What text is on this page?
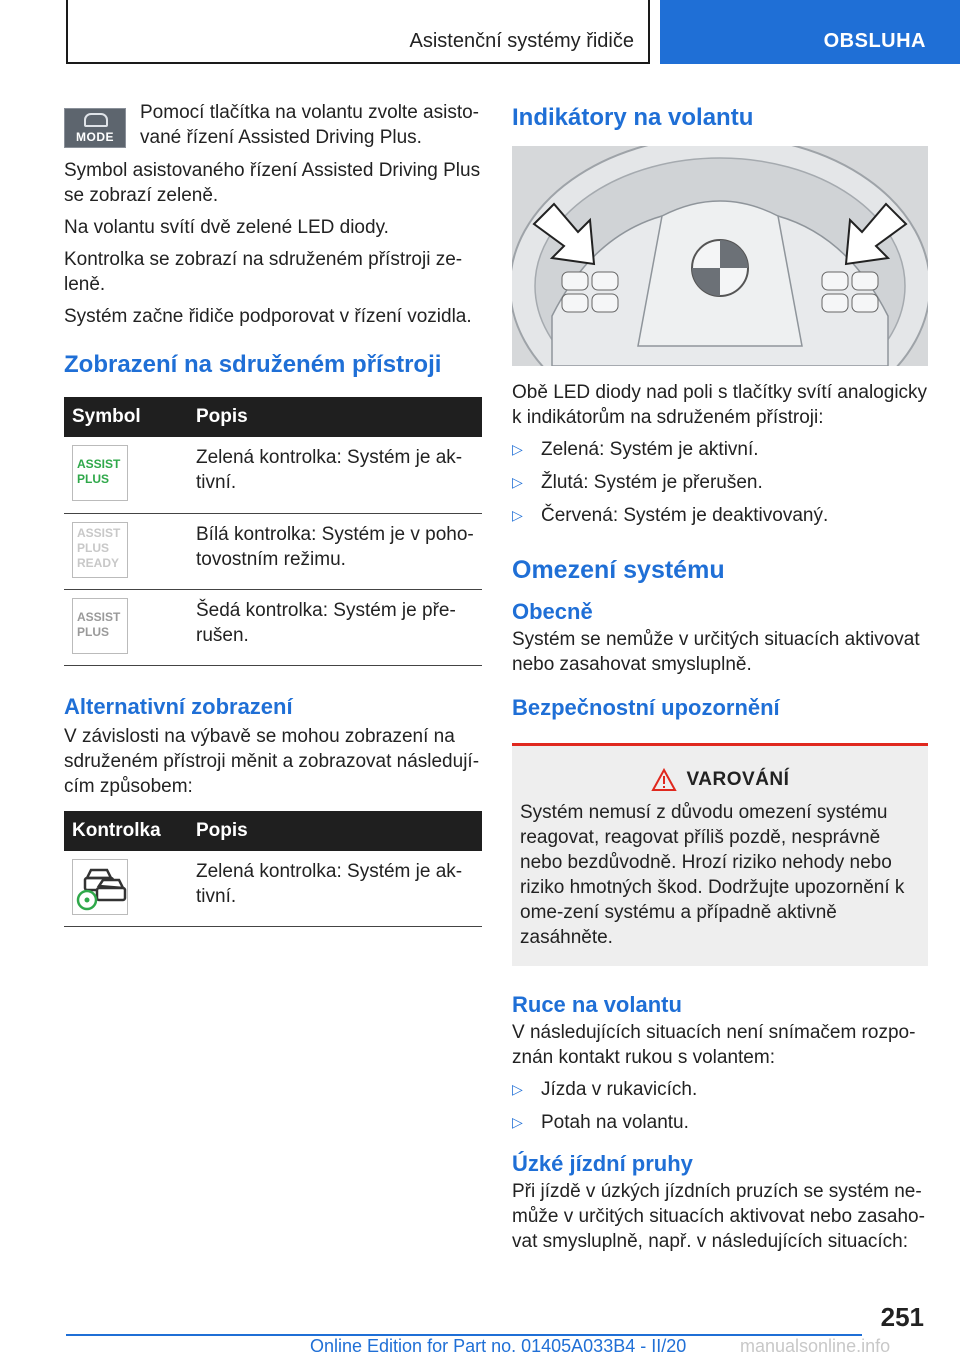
Asistenční systémy řidiče	OBSLUHA
MODE

Pomocí tlačítka na volantu zvolte asisto-vané řízení Assisted Driving Plus.

Symbol asistovaného řízení Assisted Driving Plus se zobrazí zeleně.

Na volantu svítí dvě zelené LED diody.

Kontrolka se zobrazí na sdruženém přístroji ze-leně.

Systém začne řidiče podporovat v řízení vozidla.

Zobrazení na sdruženém přístroji
Symbol	Popis

ASSIST
PLUS	Zelená kontrolka: Systém je ak-tivní.

ASSIST
PLUS
READY	Bílá kontrolka: Systém je v poho-tovostním režimu.

ASSIST
PLUS	Šedá kontrolka: Systém je pře-rušen.
Alternativní zobrazení

V závislosti na výbavě se mohou zobrazení na sdruženém přístroji měnit a zobrazovat následují-cím způsobem:

Kontrolka	Popis

	Zelená kontrolka: Systém je ak-tivní.
Indikátory na volantu

Obě LED diody nad poli s tlačítky svítí analogicky k indikátorům na sdruženém přístroji:

▷ Zelená: Systém je aktivní.
▷ Žlutá: Systém je přerušen.
▷ Červená: Systém je deaktivovaný.
Omezení systému
Obecně

Systém se nemůže v určitých situacích aktivovat nebo zasahovat smysluplně.

Bezpečnostní upozornění
VAROVÁNÍ

Systém nemusí z důvodu omezení systému reagovat, reagovat příliš pozdě, nesprávně nebo bezdůvodně. Hrozí riziko nehody nebo riziko hmotných škod. Dodržujte upozornění k ome-zení systému a případně aktivně zasáhněte.

Ruce na volantu

V následujících situacích není snímačem rozpo-znán kontakt rukou s volantem:

▷ Jízda v rukavicích.
▷ Potah na volantu.
Úzké jízdní pruhy

Při jízdě v úzkých jízdních pruzích se systém ne-může v určitých situacích aktivovat nebo zasaho-vat smysluplně, např. v následujících situacích:

251
Online Edition for Part no. 01405A033B4 - II/20	manualsonline.info
